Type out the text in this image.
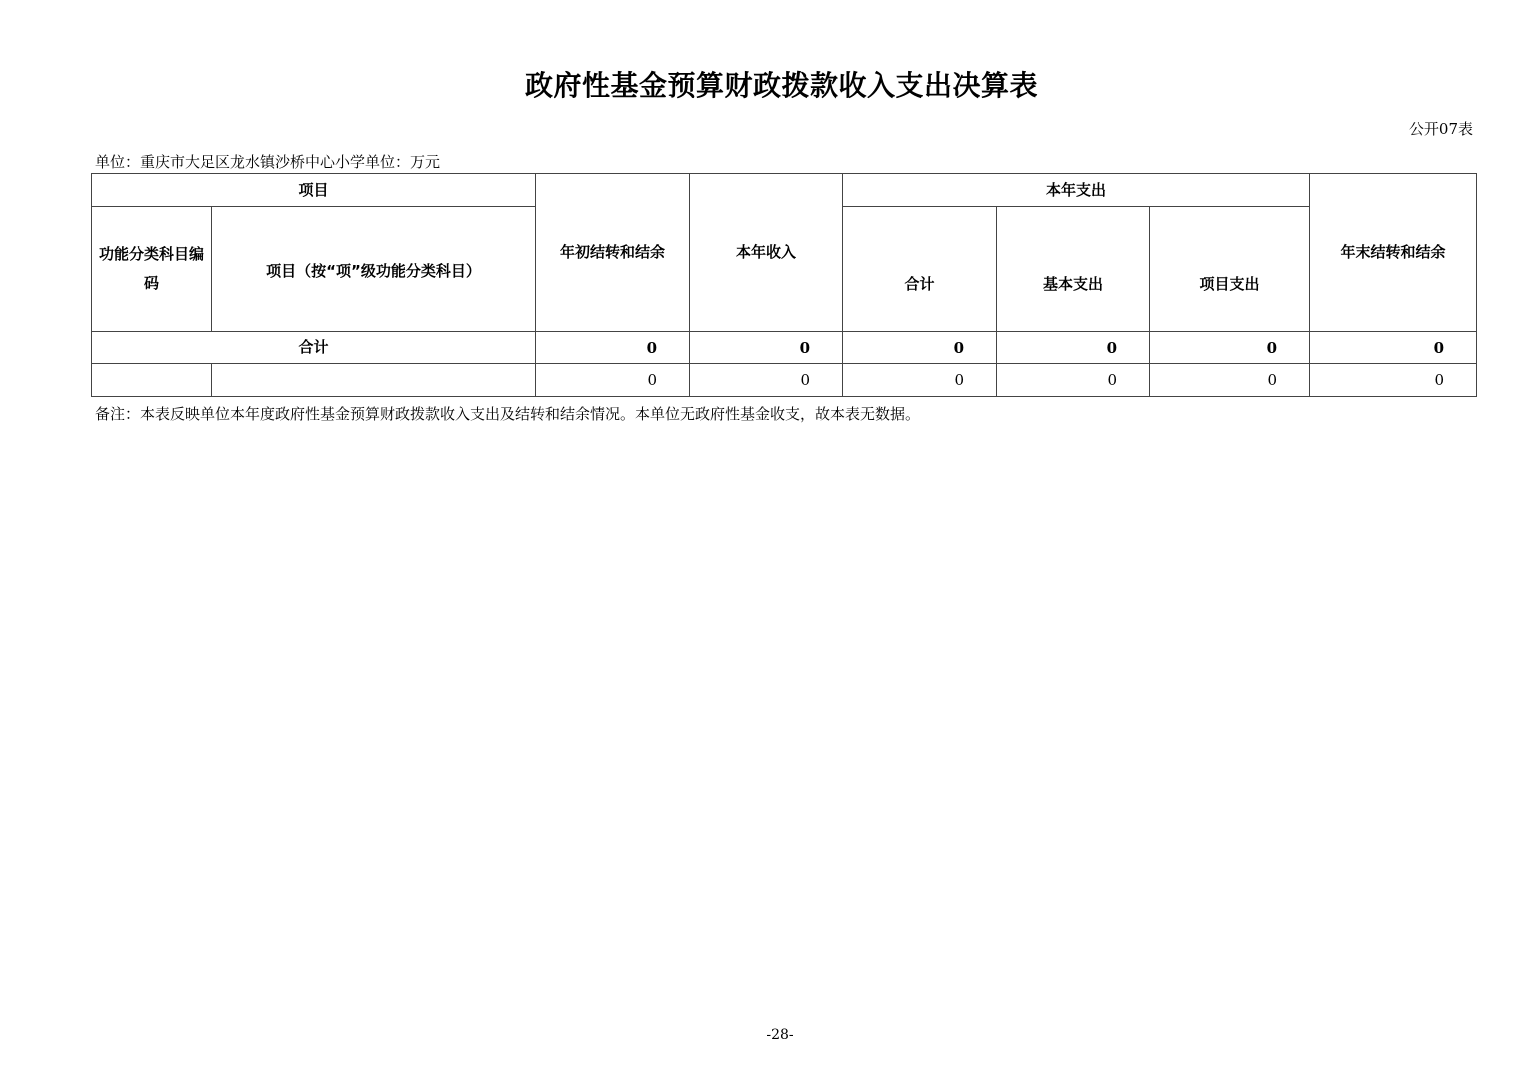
政府性基金预算财政拨款收入支出决算表
公开07表
单位：重庆市大足区龙水镇沙桥中心小学单位：万元
项目		年初结转和结余	本年收入	本年支出			年末结转和结余
功能分类科目编码	项目（按“项”级功能分类科目）			合计	基本支出	项目支出	
合计		0	0	0	0	0	0
		0	0	0	0	0	0
备注：本表反映单位本年度政府性基金预算财政拨款收入支出及结转和结余情况。本单位无政府性基金收支，故本表无数据。
-28-
